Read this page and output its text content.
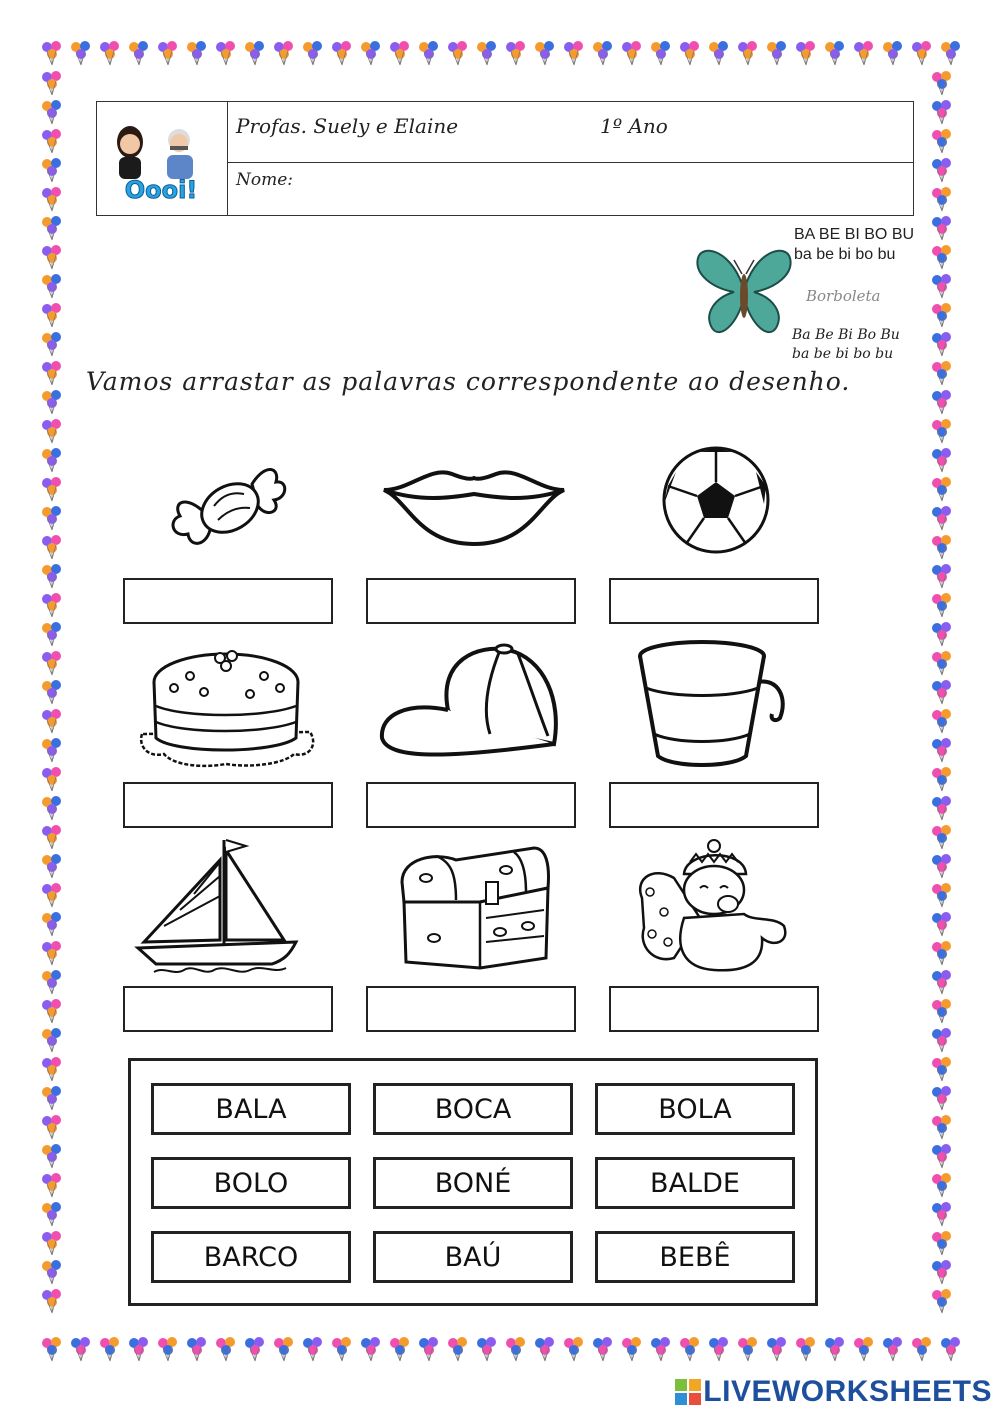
Oooi!
Profas. Suely e Elaine	1º Ano
Nome:
BA BE BI BO BU
ba be bi bo bu
Borboleta
Ba Be Bi Bo Bu
ba be bi bo bu
Vamos arrastar as palavras correspondente ao desenho.
BALA	BOCA	BOLA
BOLO	BONÉ	BALDE
BARCO	BAÚ	BEBÊ
LIVEWORKSHEETS
